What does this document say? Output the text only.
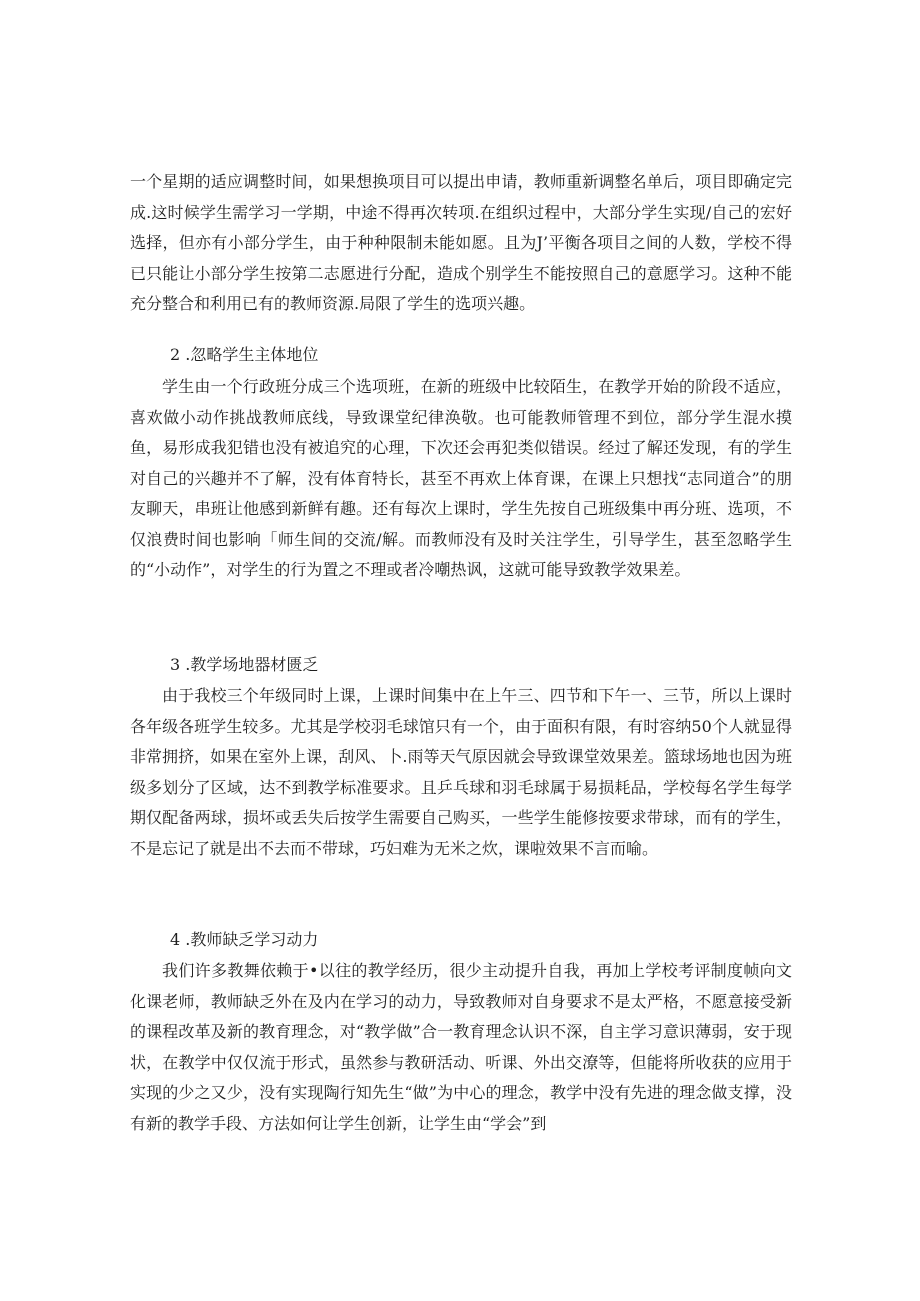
一个星期的适应调整时间，如果想换项目可以提出申请，教师重新调整名单后，项目即确定完成.这时候学生需学习一学期，中途不得再次转项.在组织过程中，大部分学生实现/自己的宏好选择，但亦有小部分学生，由于种种限制未能如愿。且为J’平衡各项目之间的人数，学校不得已只能让小部分学生按第二志愿进行分配，造成个别学生不能按照自己的意愿学习。这种不能充分整合和利用已有的教师资源.局限了学生的选项兴趣。

2 .忽略学生主体地位

学生由一个行政班分成三个选项班，在新的班级中比较陌生，在教学开始的阶段不适应，喜欢做小动作挑战教师底线，导致课堂纪律涣敬。也可能教师管理不到位，部分学生混水摸鱼，易形成我犯错也没有被追究的心理，下次还会再犯类似错误。经过了解还发现，有的学生对自己的兴趣并不了解，没有体育特长，甚至不再欢上体育课，在课上只想找“志同道合”的朋友聊天，串班让他感到新鲜有趣。还有每次上课时，学生先按自己班级集中再分班、选项，不仅浪费时间也影响「师生间的交流/解。而教师没有及时关注学生，引导学生，甚至忽略学生的“小动作”，对学生的行为置之不理或者冷嘲热讽，这就可能导致教学效果差。

3 .教学场地器材匮乏

由于我校三个年级同时上课，上课时间集中在上午三、四节和下午一、三节，所以上课时各年级各班学生较多。尤其是学校羽毛球馆只有一个，由于面积有限，有时容纳50个人就显得非常拥挤，如果在室外上课，刮风、卜.雨等天气原因就会导致课堂效果差。篮球场地也因为班级多划分了区域，达不到教学标准要求。且乒乓球和羽毛球属于易损耗品，学校每名学生每学期仅配备两球，损坏或丢失后按学生需要自己购买，一些学生能修按要求带球，而有的学生，不是忘记了就是出不去而不带球，巧妇难为无米之炊，课啦效果不言而喻。

4 .教师缺乏学习动力

我们许多教舞依赖于•以往的教学经历，很少主动提升自我，再加上学校考评制度帧向文化课老师，教师缺乏外在及内在学习的动力，导致教师对自身要求不是太严格，不愿意接受新的课程改革及新的教育理念，对“教学做”合一教育理念认识不深，自主学习意识薄弱，安于现状，在教学中仅仅流于形式，虽然参与教研活动、听课、外出交潦等，但能将所收获的应用于实现的少之又少，没有实现陶行知先生“做”为中心的理念，教学中没有先进的理念做支撑，没有新的教学手段、方法如何让学生创新，让学生由“学会”到
